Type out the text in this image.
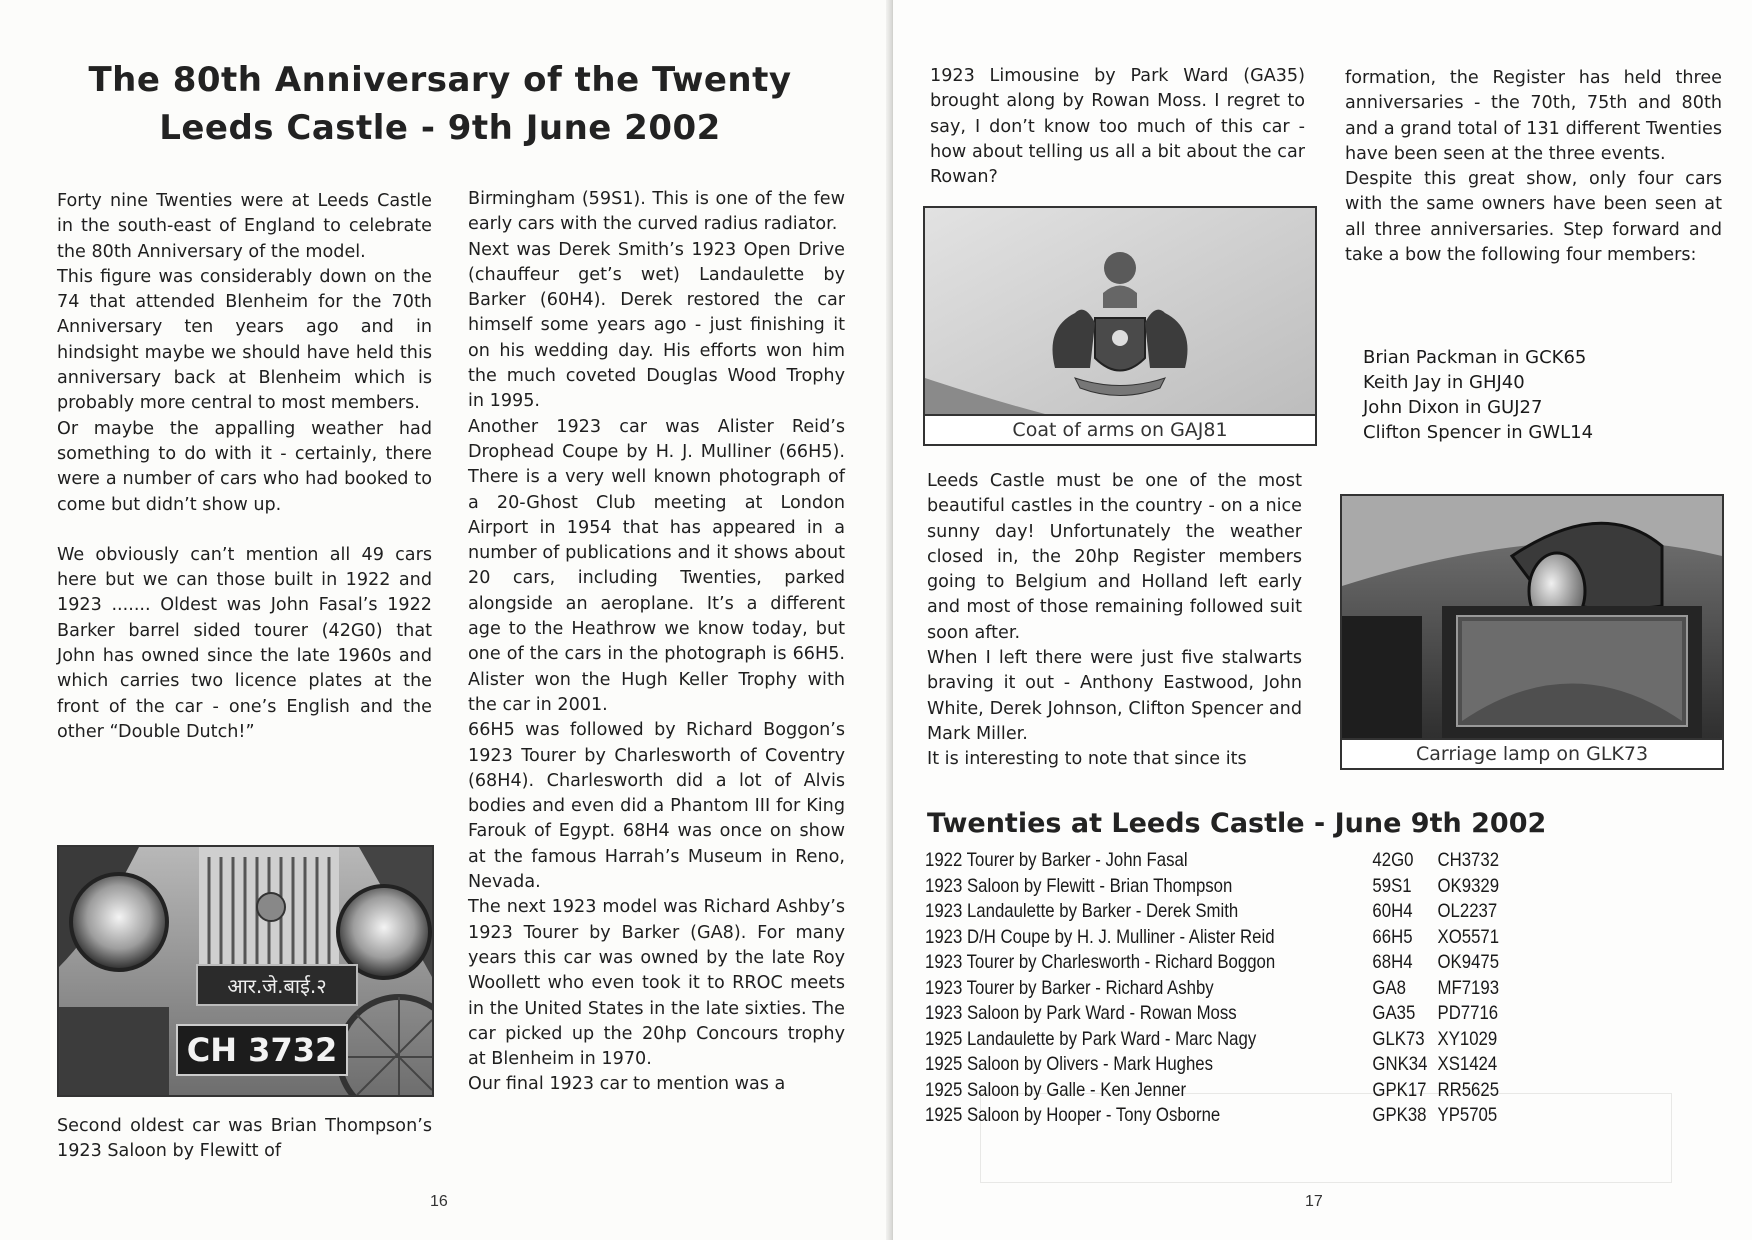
The 80th Anniversary of the Twenty
Leeds Castle - 9th June 2002

Forty nine Twenties were at Leeds Castle in the south-east of England to celebrate the 80th Anniversary of the model.

This figure was considerably down on the 74 that attended Blenheim for the 70th Anniversary ten years ago and in hindsight maybe we should have held this anniversary back at Blenheim which is probably more central to most members.

Or maybe the appalling weather had something to do with it - certainly, there were a number of cars who had booked to come but didn’t show up.

We obviously can’t mention all 49 cars here but we can those built in 1922 and 1923 ....... Oldest was John Fasal’s 1922 Barker barrel sided tourer (42G0) that John has owned since the late 1960s and which carries two licence plates at the front of the car - one’s English and the other “Double Dutch!”

आर.जे.बाई.२
CH 3732

Second oldest car was Brian Thompson’s 1923 Saloon by Flewitt of

Birmingham (59S1). This is one of the few early cars with the curved radius radiator.

Next was Derek Smith’s 1923 Open Drive (chauffeur get’s wet) Landaulette by Barker (60H4). Derek restored the car himself some years ago - just finishing it on his wedding day. His efforts won him the much coveted Douglas Wood Trophy in 1995.

Another 1923 car was Alister Reid’s Drophead Coupe by H. J. Mulliner (66H5). There is a very well known photograph of a 20-Ghost Club meeting at London Airport in 1954 that has appeared in a number of publications and it shows about 20 cars, including Twenties, parked alongside an aeroplane. It’s a different age to the Heathrow we know today, but one of the cars in the photograph is 66H5. Alister won the Hugh Keller Trophy with the car in 2001.

66H5 was followed by Richard Boggon’s 1923 Tourer by Charlesworth of Coventry (68H4). Charlesworth did a lot of Alvis bodies and even did a Phantom III for King Farouk of Egypt. 68H4 was once on show at the famous Harrah’s Museum in Reno, Nevada.

The next 1923 model was Richard Ashby’s 1923 Tourer by Barker (GA8). For many years this car was owned by the late Roy Woollett who even took it to RROC meets in the United States in the late sixties. The car picked up the 20hp Concours trophy at Blenheim in 1970.

Our final 1923 car to mention was a

16

1923 Limousine by Park Ward (GA35) brought along by Rowan Moss. I regret to say, I don’t know too much of this car - how about telling us all a bit about the car Rowan?

Coat of arms on GAJ81

Leeds Castle must be one of the most beautiful castles in the country - on a nice sunny day! Unfortunately the weather closed in, the 20hp Register members going to Belgium and Holland left early and most of those remaining followed suit soon after.

When I left there were just five stalwarts braving it out - Anthony Eastwood, John White, Derek Johnson, Clifton Spencer and Mark Miller.

It is interesting to note that since its

formation, the Register has held three anniversaries - the 70th, 75th and 80th and a grand total of 131 different Twenties have been seen at the three events.

Despite this great show, only four cars with the same owners have been seen at all three anniversaries. Step forward and take a bow the following four members:

Brian Packman in GCK65
Keith Jay in GHJ40
John Dixon in GUJ27
Clifton Spencer in GWL14
Carriage lamp on GLK73
Twenties at Leeds Castle - June 9th 2002
1922 Tourer by Barker - John Fasal	42G0	CH3732
1923 Saloon by Flewitt - Brian Thompson	59S1	OK9329
1923 Landaulette by Barker - Derek Smith	60H4	OL2237
1923 D/H Coupe by H. J. Mulliner - Alister Reid	66H5	XO5571
1923 Tourer by Charlesworth - Richard Boggon	68H4	OK9475
1923 Tourer by Barker - Richard Ashby	GA8	MF7193
1923 Saloon by Park Ward - Rowan Moss	GA35	PD7716
1925 Landaulette by Park Ward - Marc Nagy	GLK73 XY1029
1925 Saloon by Olivers - Mark Hughes	GNK34 XS1424
1925 Saloon by Galle - Ken Jenner	GPK17 RR5625
1925 Saloon by Hooper - Tony Osborne	GPK38 YP5705
17
